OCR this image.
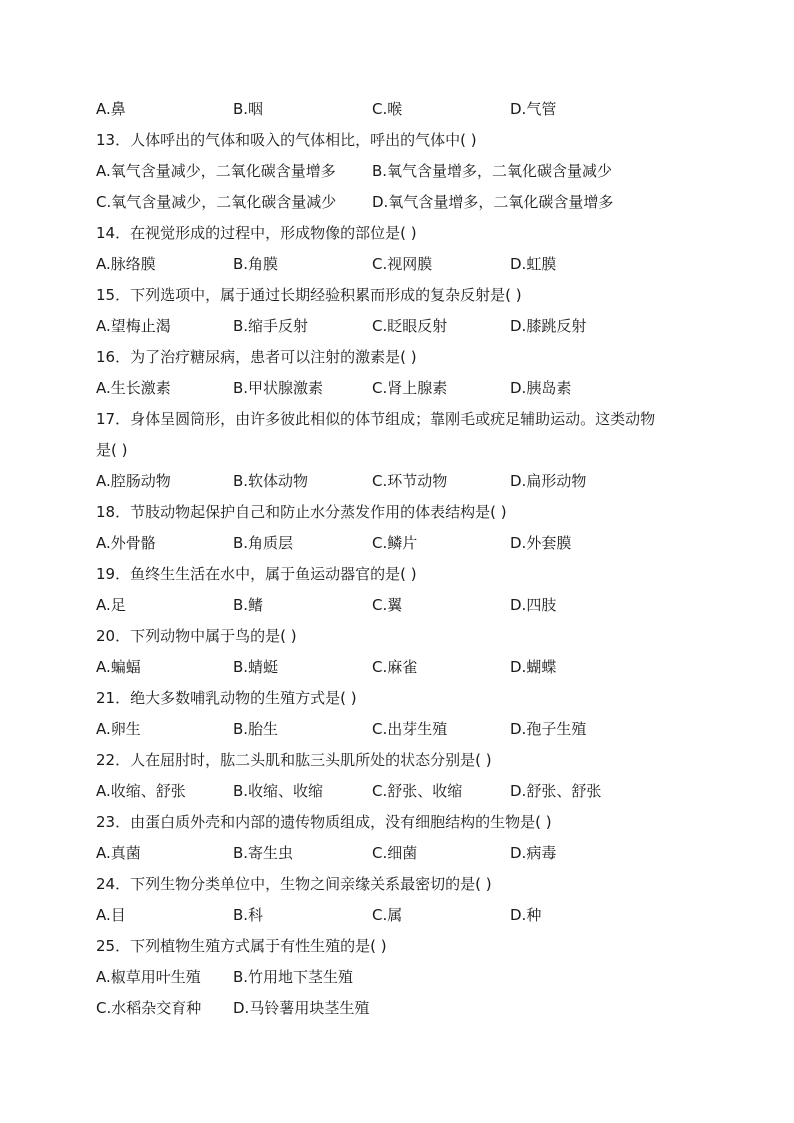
A.鼻	B.咽	C.喉	D.气管
13．人体呼出的气体和吸入的气体相比，呼出的气体中( )
A.氧气含量减少，二氧化碳含量增多 B.氧气含量增多，二氧化碳含量减少
C.氧气含量减少，二氧化碳含量减少 D.氧气含量增多，二氧化碳含量增多
14．在视觉形成的过程中，形成物像的部位是( )
A.脉络膜	B.角膜	C.视网膜	D.虹膜
15．下列选项中，属于通过长期经验积累而形成的复杂反射是( )
A.望梅止渴	B.缩手反射	C.眨眼反射	D.膝跳反射
16．为了治疗糖尿病，患者可以注射的激素是( )
A.生长激素	B.甲状腺激素	C.肾上腺素	D.胰岛素
17．身体呈圆筒形，由许多彼此相似的体节组成；靠刚毛或疣足辅助运动。这类动物
是( )
A.腔肠动物	B.软体动物	C.环节动物	D.扁形动物
18．节肢动物起保护自己和防止水分蒸发作用的体表结构是( )
A.外骨骼	B.角质层	C.鳞片	D.外套膜
19．鱼终生生活在水中，属于鱼运动器官的是( )
A.足	B.鳍	C.翼	D.四肢
20．下列动物中属于鸟的是( )
A.蝙蝠	B.蜻蜓	C.麻雀	D.蝴蝶
21．绝大多数哺乳动物的生殖方式是( )
A.卵生	B.胎生	C.出芽生殖	D.孢子生殖
22．人在屈肘时，肱二头肌和肱三头肌所处的状态分别是( )
A.收缩、舒张	B.收缩、收缩	C.舒张、收缩	D.舒张、舒张
23．由蛋白质外壳和内部的遗传物质组成，没有细胞结构的生物是( )
A.真菌	B.寄生虫	C.细菌	D.病毒
24．下列生物分类单位中，生物之间亲缘关系最密切的是( )
A.目	B.科	C.属	D.种
25．下列植物生殖方式属于有性生殖的是( )
A.椒草用叶生殖 B.竹用地下茎生殖
C.水稻杂交育种 D.马铃薯用块茎生殖
